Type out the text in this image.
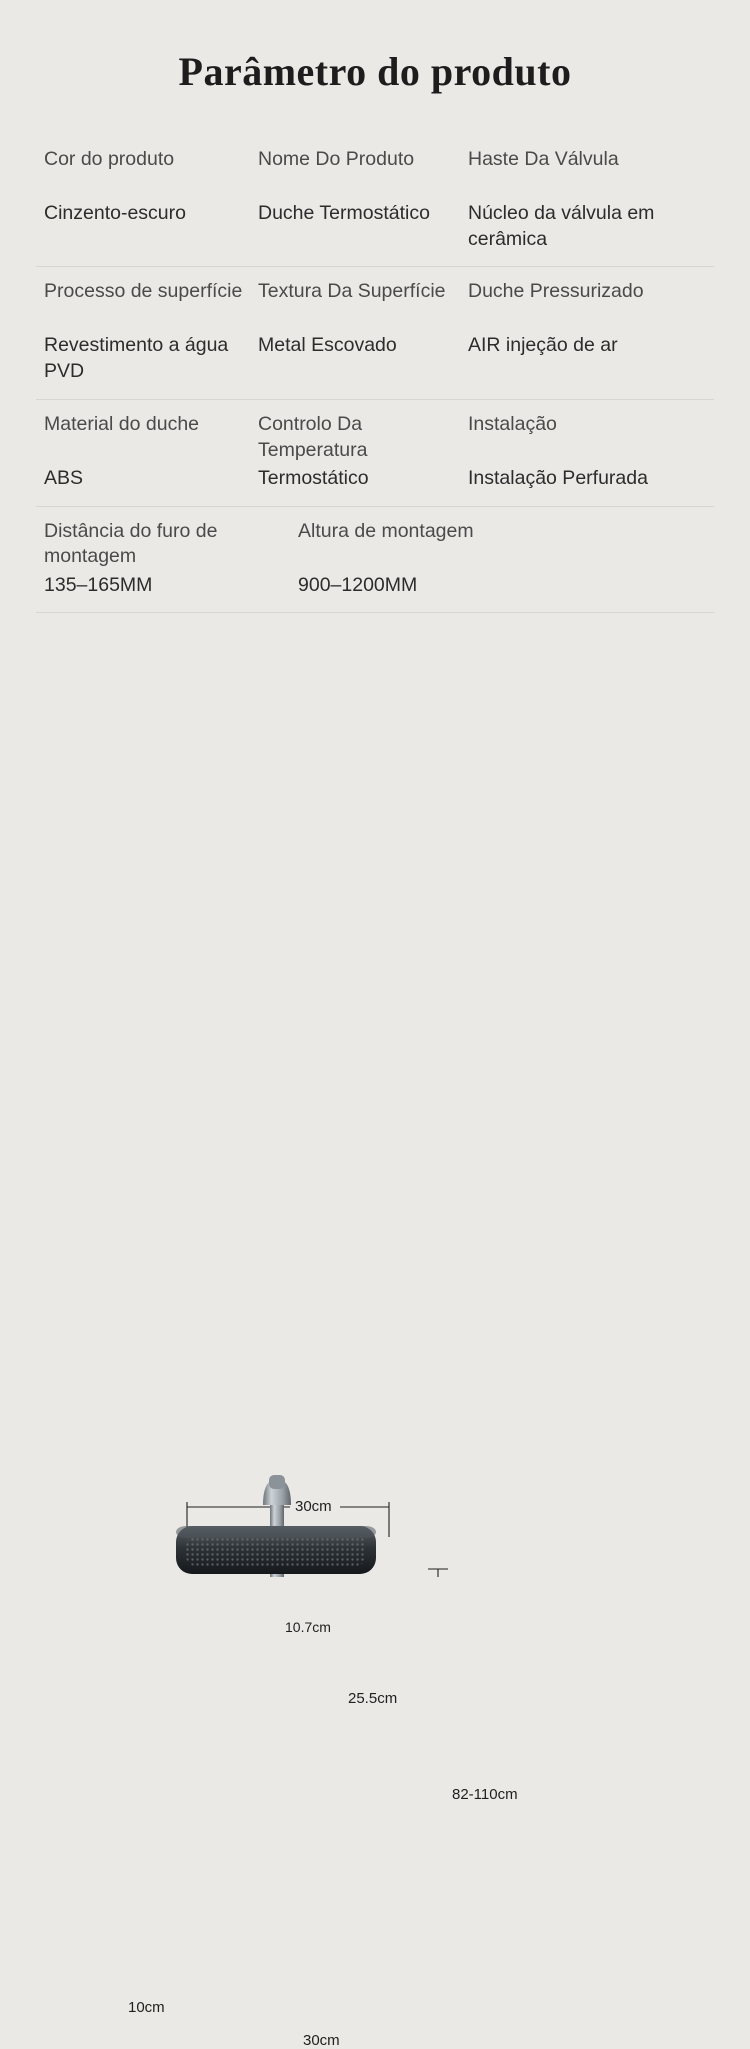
Parâmetro do produto
Cor do produto
Cinzento-escuro
Nome Do Produto
Duche Termostático
Haste Da Válvula
Núcleo da válvula em cerâmica
Processo de superfície
Revestimento a água PVD
Textura Da Superfície
Metal Escovado
Duche Pressurizado
AIR injeção de ar
Material do duche
ABS
Controlo Da Temperatura
Termostático
Instalação
Instalação Perfurada
Distância do furo de montagem
135–165MM
Altura de montagem
900–1200MM
30cm
10.7cm
25.5cm
82-110cm
10cm
30cm
